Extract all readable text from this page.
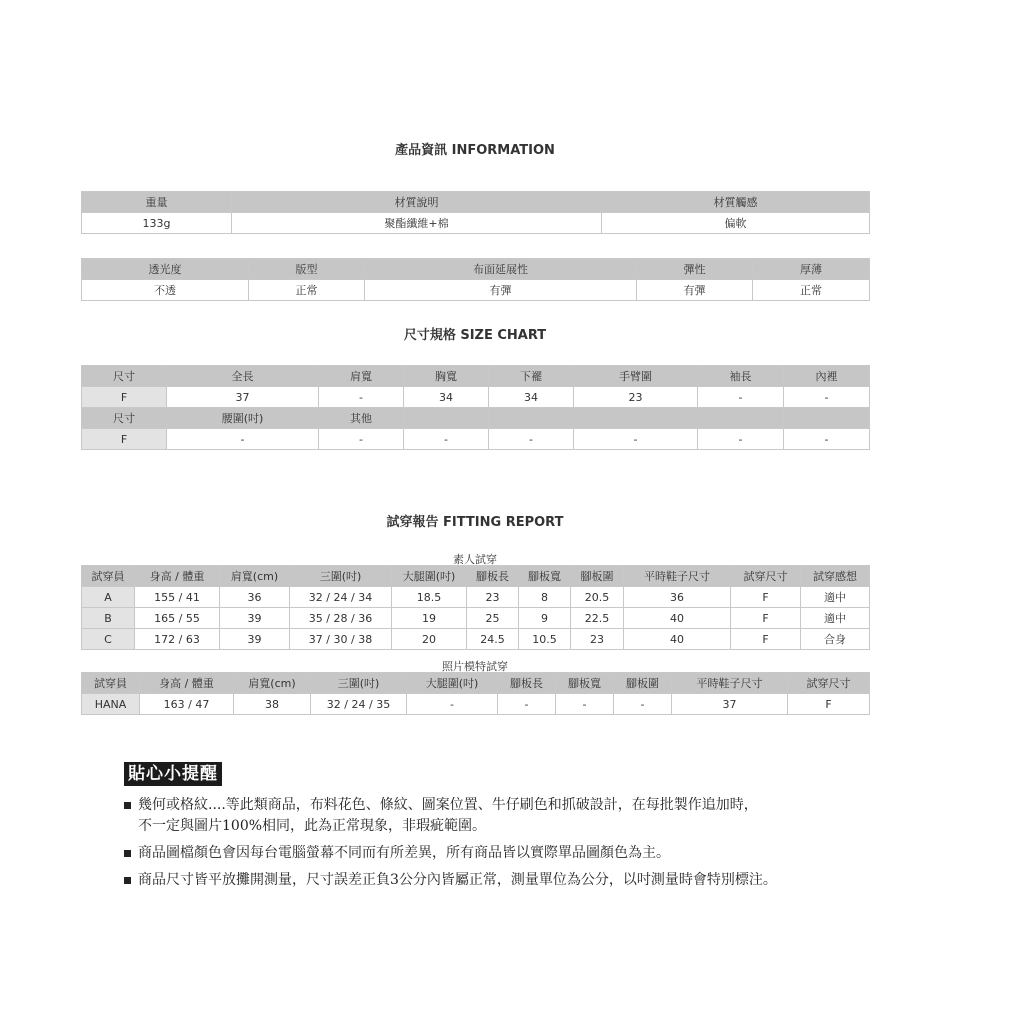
產品資訊 INFORMATION
重量	材質說明	材質觸感
133g	聚酯纖維+棉	偏軟
透光度	版型	布面延展性	彈性	厚薄
不透	正常	有彈	有彈	正常
尺寸規格 SIZE CHART
尺寸	全長	肩寬	胸寬	下襬	手臂圍	袖長	內裡
F	37	-	34	34	23	-	-
尺寸	腰圍(吋)	其他					
F	-	-	-	-	-	-	-
試穿報告 FITTING REPORT
素人試穿
試穿員	身高 / 體重	肩寬(cm)	三圍(吋)	大腿圍(吋)	腳板長	腳板寬	腳板圍	平時鞋子尺寸	試穿尺寸	試穿感想
A	155 / 41	36	32 / 24 / 34	18.5	23	8	20.5	36	F	適中
B	165 / 55	39	35 / 28 / 36	19	25	9	22.5	40	F	適中
C	172 / 63	39	37 / 30 / 38	20	24.5	10.5	23	40	F	合身
照片模特試穿
試穿員	身高 / 體重	肩寬(cm)	三圍(吋)	大腿圍(吋)	腳板長	腳板寬	腳板圍	平時鞋子尺寸	試穿尺寸
HANA	163 / 47	38	32 / 24 / 35	-	-	-	-	37	F
貼心小提醒
幾何或格紋....等此類商品，布料花色、條紋、圖案位置、牛仔刷色和抓破設計，在每批製作追加時，
不一定與圖片100%相同，此為正常現象，非瑕疵範圍。
商品圖檔顏色會因每台電腦螢幕不同而有所差異，所有商品皆以實際單品圖顏色為主。
商品尺寸皆平放攤開測量，尺寸誤差正負3公分內皆屬正常，測量單位為公分，以吋測量時會特別標注。
